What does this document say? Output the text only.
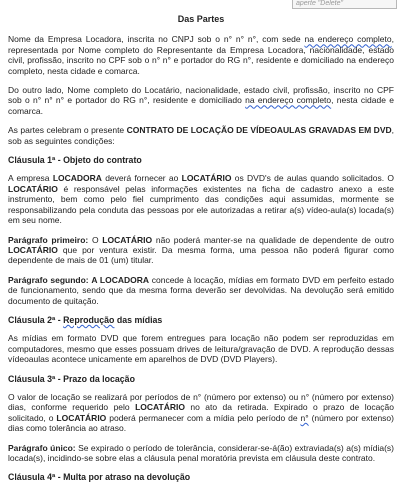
aperte "Delete"
Das Partes

Nome da Empresa Locadora, inscrita no CNPJ sob o n° n° n°, com sede na endereço completo, representada por Nome completo do Representante da Empresa Locadora, nacionalidade, estado civil, profissão, inscrito no CPF sob o n° n° e portador do RG n°, residente e domiciliado na endereço completo, nesta cidade e comarca.

Do outro lado, Nome completo do Locatário, nacionalidade, estado civil, profissão, inscrito no CPF sob o n° n° n° e portador do RG n°, residente e domiciliado na endereço completo, nesta cidade e comarca.

As partes celebram o presente CONTRATO DE LOCAÇÃO DE VÍDEOAULAS GRAVADAS EM DVD, sob as seguintes condições:

Cláusula 1ª - Objeto do contrato

A empresa LOCADORA deverá fornecer ao LOCATÁRIO os DVD's de aulas quando solicitados. O LOCATÁRIO é responsável pelas informações existentes na ficha de cadastro anexo a este instrumento, bem como pelo fiel cumprimento das condições aqui assumidas, mormente se responsabilizando pela conduta das pessoas por ele autorizadas a retirar a(s) vídeo-aula(s) locada(s) em seu nome.

Parágrafo primeiro: O LOCATÁRIO não poderá manter-se na qualidade de dependente de outro LOCATÁRIO que por ventura existir. Da mesma forma, uma pessoa não poderá figurar como dependente de mais de 01 (um) titular.

Parágrafo segundo: A LOCADORA concede à locação, mídias em formato DVD em perfeito estado de funcionamento, sendo que da mesma forma deverão ser devolvidas. Na devolução será emitido documento de quitação.

Cláusula 2ª - Reprodução das mídias

As mídias em formato DVD que forem entregues para locação não podem ser reproduzidas em computadores, mesmo que esses possuam drives de leitura/gravação de DVD. A reprodução dessas vídeoaulas acontece unicamente em aparelhos de DVD (DVD Players).

Cláusula 3ª - Prazo da locação

O valor de locação se realizará por períodos de n° (número por extenso) ou n° (número por extenso) dias, conforme requerido pelo LOCATÁRIO no ato da retirada. Expirado o prazo de locação solicitado, o LOCATÁRIO poderá permanecer com a mídia pelo período de n° (número por extenso) dias como tolerância ao atraso.

Parágrafo único: Se expirado o período de tolerância, considerar-se-á(ão) extraviada(s) a(s) mídia(s) locada(s), incidindo-se sobre elas a cláusula penal moratória prevista em cláusula deste contrato.

Cláusula 4ª - Multa por atraso na devolução
